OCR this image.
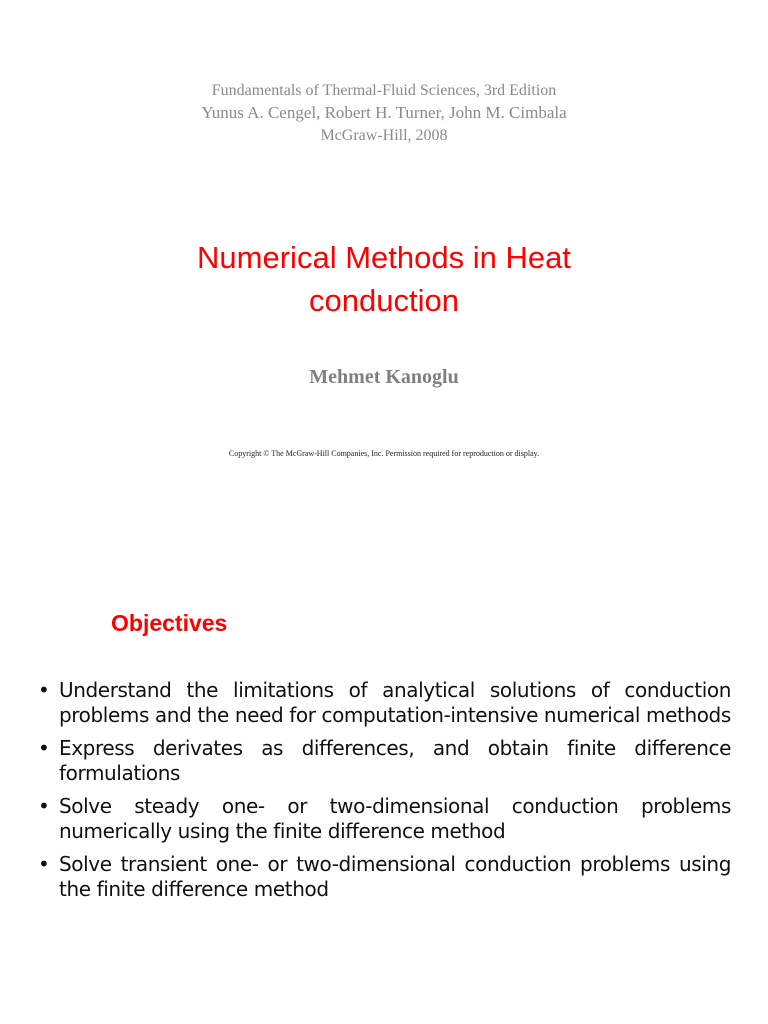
Fundamentals of Thermal-Fluid Sciences, 3rd Edition
Yunus A. Cengel, Robert H. Turner, John M. Cimbala
McGraw-Hill, 2008
Numerical Methods in Heat
conduction
Mehmet Kanoglu
Copyright © The McGraw-Hill Companies, Inc. Permission required for reproduction or display.
Objectives
• Understand the limitations of analytical solutions of conduction problems and the need for computation-intensive numerical methods
• Express derivates as differences, and obtain finite difference formulations
• Solve steady one- or two-dimensional conduction problems numerically using the finite difference method
• Solve transient one- or two-dimensional conduction problems using the finite difference method
